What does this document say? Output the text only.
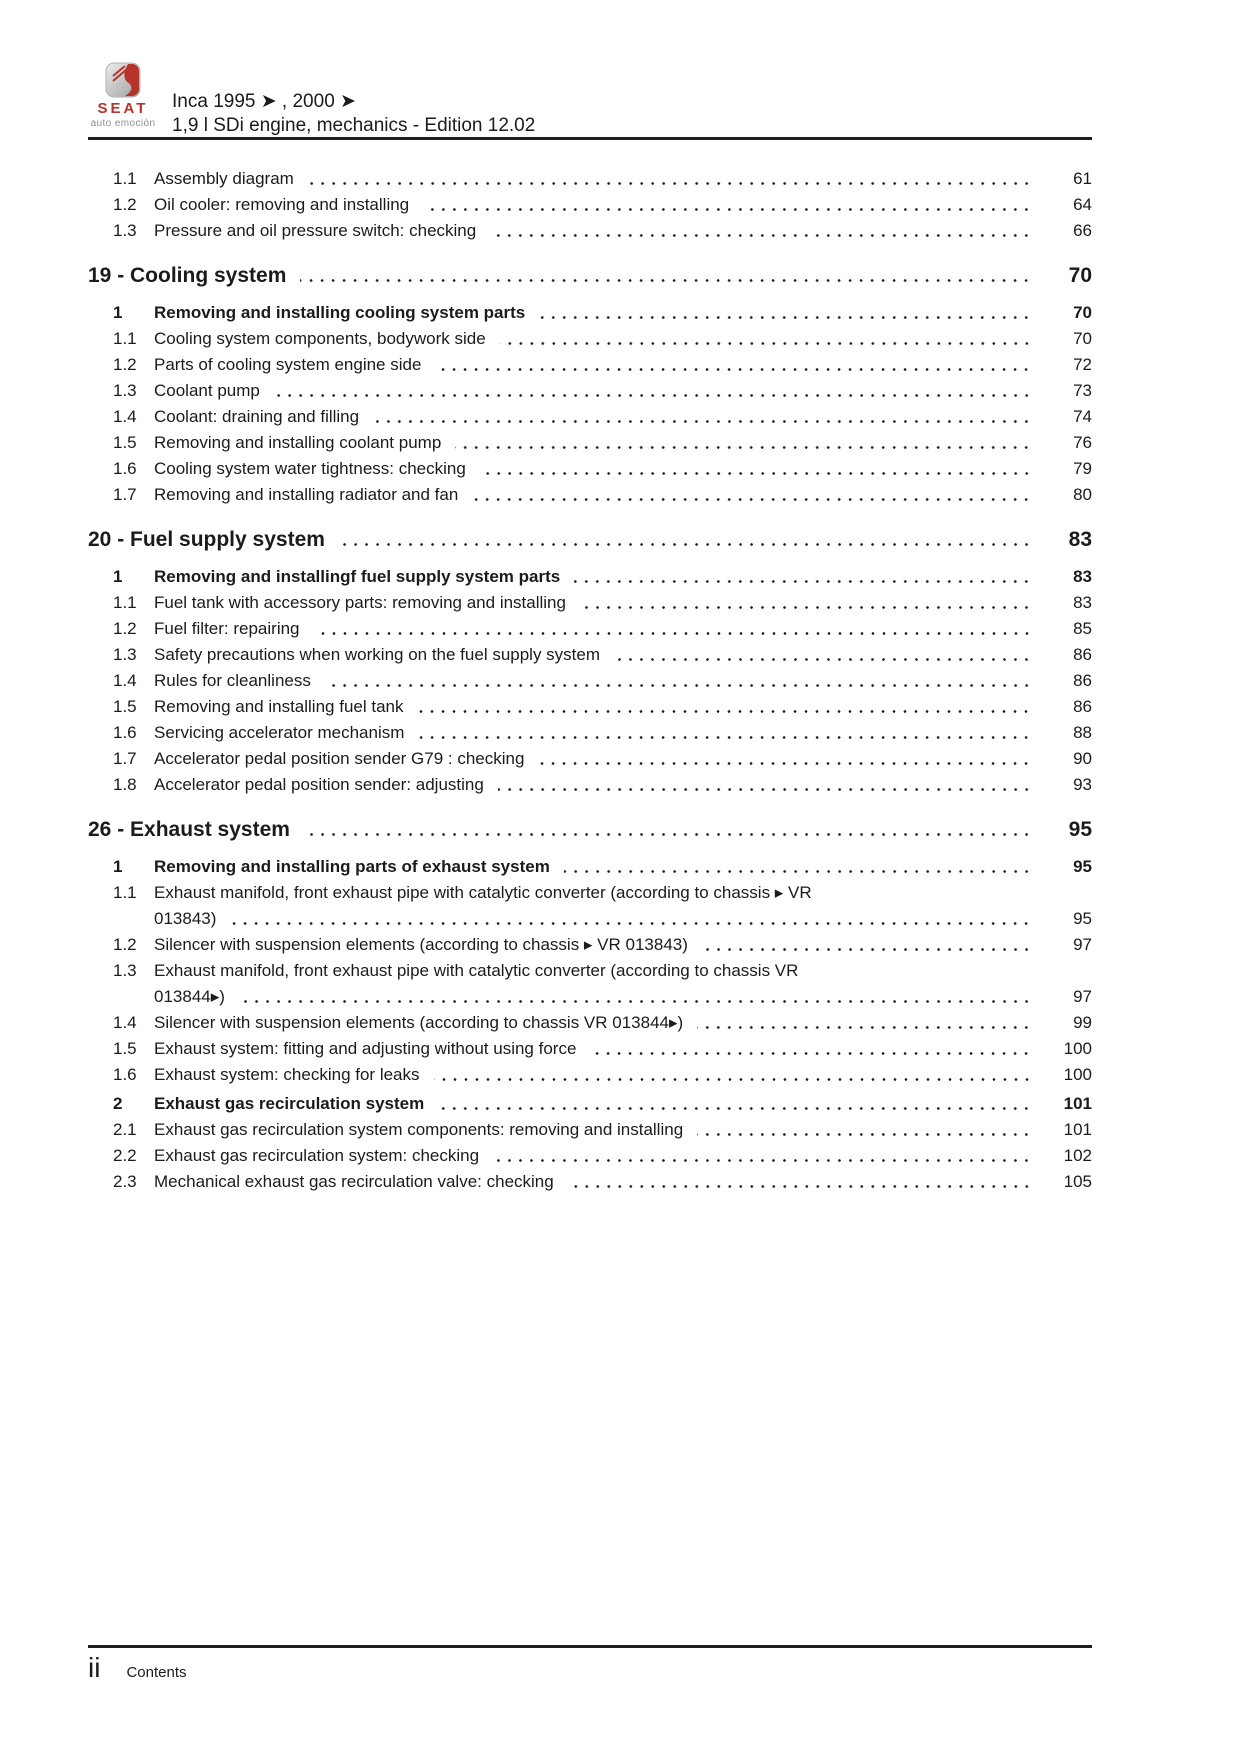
SEAT
auto emoción
Inca 1995 ➤ , 2000 ➤
1,9 l SDi engine, mechanics - Edition 12.02
1.1	Assembly diagram	61
1.2	Oil cooler: removing and installing	64
1.3	Pressure and oil pressure switch: checking	66
19 - Cooling system	70
1	Removing and installing cooling system parts	70
1.1	Cooling system components, bodywork side	70
1.2	Parts of cooling system engine side	72
1.3	Coolant pump	73
1.4	Coolant: draining and filling	74
1.5	Removing and installing coolant pump	76
1.6	Cooling system water tightness: checking	79
1.7	Removing and installing radiator and fan	80
20 - Fuel supply system	83
1	Removing and installingf fuel supply system parts	83
1.1	Fuel tank with accessory parts: removing and installing	83
1.2	Fuel filter: repairing	85
1.3	Safety precautions when working on the fuel supply system	86
1.4	Rules for cleanliness	86
1.5	Removing and installing fuel tank	86
1.6	Servicing accelerator mechanism	88
1.7	Accelerator pedal position sender G79 : checking	90
1.8	Accelerator pedal position sender: adjusting	93
26 - Exhaust system	95
1	Removing and installing parts of exhaust system	95
1.1	Exhaust manifold, front exhaust pipe with catalytic converter (according to chassis ▸ VR
013843)	95
1.2	Silencer with suspension elements (according to chassis ▸ VR 013843)	97
1.3	Exhaust manifold, front exhaust pipe with catalytic converter (according to chassis VR
013844▸)	97
1.4	Silencer with suspension elements (according to chassis VR 013844▸)	99
1.5	Exhaust system: fitting and adjusting without using force	100
1.6	Exhaust system: checking for leaks	100
2	Exhaust gas recirculation system	101
2.1	Exhaust gas recirculation system components: removing and installing	101
2.2	Exhaust gas recirculation system: checking	102
2.3	Mechanical exhaust gas recirculation valve: checking	105
ii Contents
